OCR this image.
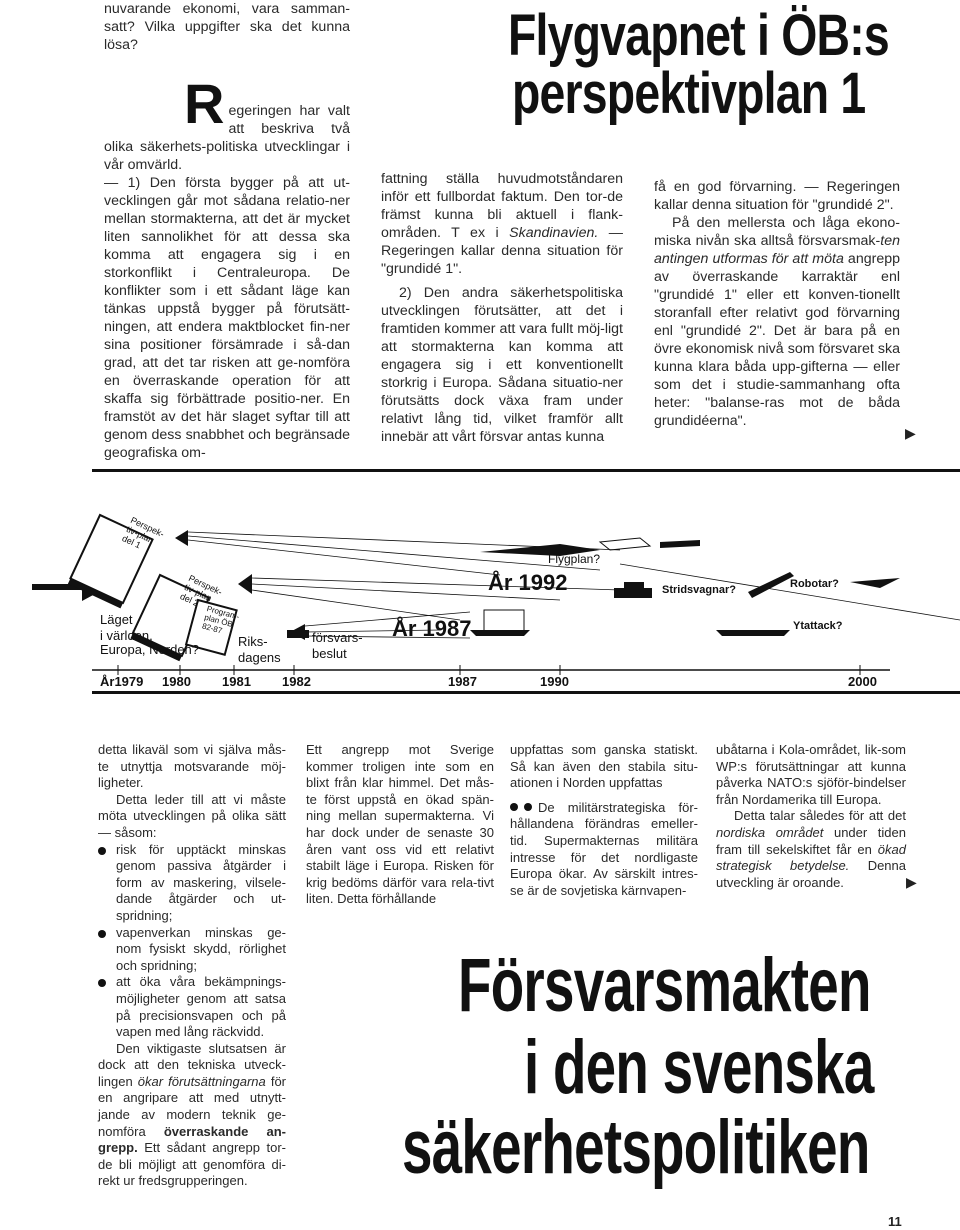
Flygvapnet i ÖB:s
perspektivplan 1

nuvarande ekonomi, vara samman-satt? Vilka uppgifter ska det kunna lösa?

R egeringen har valt att beskriva två olika säkerhets-politiska utvecklingar i vår omvärld.

— 1) Den första bygger på att ut-vecklingen går mot sådana relatio-ner mellan stormakterna, att det är mycket liten sannolikhet för att dessa ska komma att engagera sig i en storkonflikt i Centraleuropa. De konflikter som i ett sådant läge kan tänkas uppstå bygger på förutsätt-ningen, att endera maktblocket fin-ner sina positioner försämrade i så-dan grad, att det tar risken att ge-nomföra en överraskande operation för att skaffa sig förbättrade positio-ner. En framstöt av det här slaget syftar till att genom dess snabbhet och begränsade geografiska om-

fattning ställa huvudmotståndaren inför ett fullbordat faktum. Den tor-de främst kunna bli aktuell i flank-områden. T ex i Skandinavien. — Regeringen kallar denna situation för "grundidé 1".

2) Den andra säkerhetspolitiska utvecklingen förutsätter, att det i framtiden kommer att vara fullt möj-ligt att stormakterna kan komma att engagera sig i ett konventionellt storkrig i Europa. Sådana situatio-ner förutsätts dock växa fram under relativt lång tid, vilket framför allt innebär att vårt försvar antas kunna

få en god förvarning. — Regeringen kallar denna situation för "grundidé 2".

På den mellersta och låga ekono-miska nivån ska alltså försvarsmak-ten antingen utformas för att möta angrepp av överraskande karraktär enl "grundidé 1" eller ett konven-tionellt storanfall efter relativt god förvarning enl "grundidé 2". Det är bara på en övre ekonomisk nivå som försvaret ska kunna klara båda upp-gifterna — eller som det i studie-sammanhang ofta heter: "balanse-ras mot de båda grundidéerna".

▶
Perspek-tiv-plan del 1
Perspek-tiv-plan del 2
Program-plan ÖB 82-87
Läget
i världen,
Europa, Norden?
Riks-dagens
försvars-beslut
År 1987
År 1992
Flygplan?
Stridsvagnar?	Robotar?
Ytattack?
År1979 1980 1981 1982	1987	1990	2000

detta likaväl som vi själva mås-te utnyttja motsvarande möj-ligheter.

Detta leder till att vi måste möta utvecklingen på olika sätt — såsom:

risk för upptäckt minskas genom passiva åtgärder i form av maskering, vilsele-dande åtgärder och ut-spridning;
vapenverkan minskas ge-nom fysiskt skydd, rörlighet och spridning;
att öka våra bekämpnings-möjligheter genom att satsa på precisionsvapen och på vapen med lång räckvidd.

Den viktigaste slutsatsen är dock att den tekniska utveck-lingen ökar förutsättningarna för en angripare att med utnytt-jande av modern teknik ge-nomföra överraskande an-grepp. Ett sådant angrepp tor-de bli möjligt att genomföra di-rekt ur fredsgrupperingen.

Ett angrepp mot Sverige kommer troligen inte som en blixt från klar himmel. Det mås-te först uppstå en ökad spän-ning mellan supermakterna. Vi har dock under de senaste 30 åren vant oss vid ett relativt stabilt läge i Europa. Risken för krig bedöms därför vara rela-tivt liten. Detta förhållande

uppfattas som ganska statiskt. Så kan även den stabila situ-ationen i Norden uppfattas

De militärstrategiska för-hållandena förändras emeller-tid. Supermakternas militära intresse för det nordligaste Europa ökar. Av särskilt intres-se är de sovjetiska kärnvapen-

ubåtarna i Kola-området, lik-som WP:s förutsättningar att kunna påverka NATO:s sjöför-bindelser från Nordamerika till Europa.

Detta talar således för att det nordiska området under tiden fram till sekelskiftet får en ökad strategisk betydelse. Denna utveckling är oroande.	▶
Försvarsmakten
i den svenska
säkerhetspolitiken
11
